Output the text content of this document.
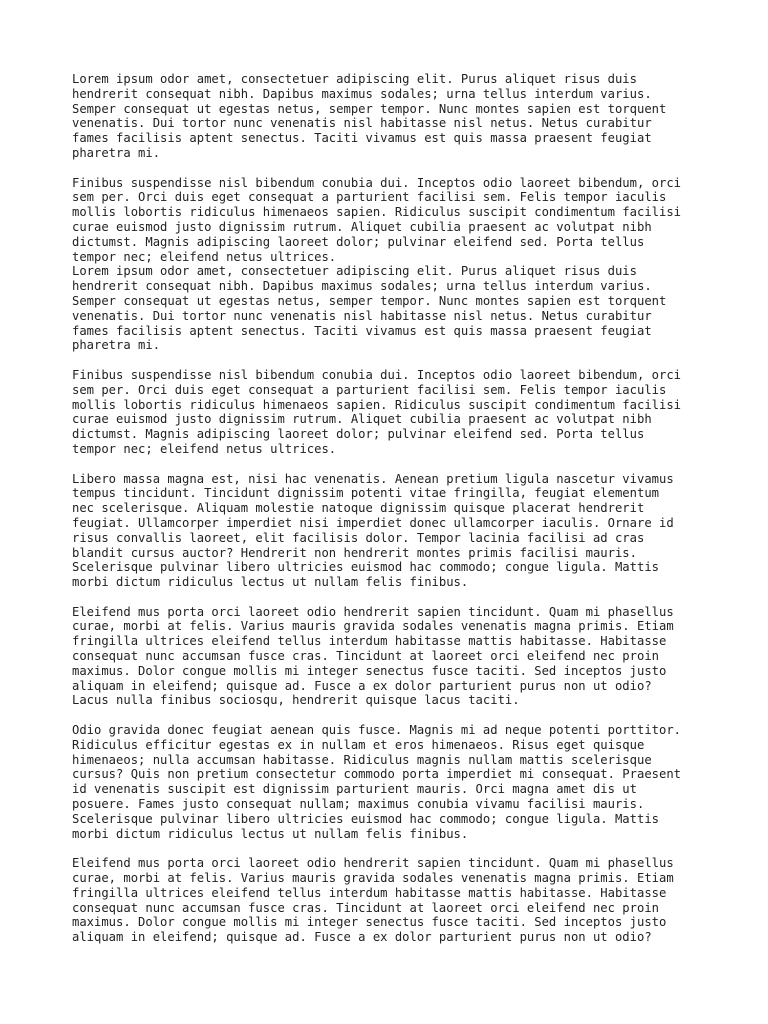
Lorem ipsum odor amet, consectetuer adipiscing elit. Purus aliquet risus duis
hendrerit consequat nibh. Dapibus maximus sodales; urna tellus interdum varius.
Semper consequat ut egestas netus, semper tempor. Nunc montes sapien est torquent
venenatis. Dui tortor nunc venenatis nisl habitasse nisl netus. Netus curabitur
fames facilisis aptent senectus. Taciti vivamus est quis massa praesent feugiat
pharetra mi.

Finibus suspendisse nisl bibendum conubia dui. Inceptos odio laoreet bibendum, orci
sem per. Orci duis eget consequat a parturient facilisi sem. Felis tempor iaculis
mollis lobortis ridiculus himenaeos sapien. Ridiculus suscipit condimentum facilisi
curae euismod justo dignissim rutrum. Aliquet cubilia praesent ac volutpat nibh
dictumst. Magnis adipiscing laoreet dolor; pulvinar eleifend sed. Porta tellus
tempor nec; eleifend netus ultrices.

Lorem ipsum odor amet, consectetuer adipiscing elit. Purus aliquet risus duis
hendrerit consequat nibh. Dapibus maximus sodales; urna tellus interdum varius.
Semper consequat ut egestas netus, semper tempor. Nunc montes sapien est torquent
venenatis. Dui tortor nunc venenatis nisl habitasse nisl netus. Netus curabitur
fames facilisis aptent senectus. Taciti vivamus est quis massa praesent feugiat
pharetra mi.

Finibus suspendisse nisl bibendum conubia dui. Inceptos odio laoreet bibendum, orci
sem per. Orci duis eget consequat a parturient facilisi sem. Felis tempor iaculis
mollis lobortis ridiculus himenaeos sapien. Ridiculus suscipit condimentum facilisi
curae euismod justo dignissim rutrum. Aliquet cubilia praesent ac volutpat nibh
dictumst. Magnis adipiscing laoreet dolor; pulvinar eleifend sed. Porta tellus
tempor nec; eleifend netus ultrices.

Libero massa magna est, nisi hac venenatis. Aenean pretium ligula nascetur vivamus
tempus tincidunt. Tincidunt dignissim potenti vitae fringilla, feugiat elementum
nec scelerisque. Aliquam molestie natoque dignissim quisque placerat hendrerit
feugiat. Ullamcorper imperdiet nisi imperdiet donec ullamcorper iaculis. Ornare id
risus convallis laoreet, elit facilisis dolor. Tempor lacinia facilisi ad cras
blandit cursus auctor? Hendrerit non hendrerit montes primis facilisi mauris.
Scelerisque pulvinar libero ultricies euismod hac commodo; congue ligula. Mattis
morbi dictum ridiculus lectus ut nullam felis finibus.

Eleifend mus porta orci laoreet odio hendrerit sapien tincidunt. Quam mi phasellus
curae, morbi at felis. Varius mauris gravida sodales venenatis magna primis. Etiam
fringilla ultrices eleifend tellus interdum habitasse mattis habitasse. Habitasse
consequat nunc accumsan fusce cras. Tincidunt at laoreet orci eleifend nec proin
maximus. Dolor congue mollis mi integer senectus fusce taciti. Sed inceptos justo
aliquam in eleifend; quisque ad. Fusce a ex dolor parturient purus non ut odio?
Lacus nulla finibus sociosqu, hendrerit quisque lacus taciti.

Odio gravida donec feugiat aenean quis fusce. Magnis mi ad neque potenti porttitor.
Ridiculus efficitur egestas ex in nullam et eros himenaeos. Risus eget quisque
himenaeos; nulla accumsan habitasse. Ridiculus magnis nullam mattis scelerisque
cursus? Quis non pretium consectetur commodo porta imperdiet mi consequat. Praesent
id venenatis suscipit est dignissim parturient mauris. Orci magna amet dis ut
posuere. Fames justo consequat nullam; maximus conubia vivamu facilisi mauris.
Scelerisque pulvinar libero ultricies euismod hac commodo; congue ligula. Mattis
morbi dictum ridiculus lectus ut nullam felis finibus.

Eleifend mus porta orci laoreet odio hendrerit sapien tincidunt. Quam mi phasellus
curae, morbi at felis. Varius mauris gravida sodales venenatis magna primis. Etiam
fringilla ultrices eleifend tellus interdum habitasse mattis habitasse. Habitasse
consequat nunc accumsan fusce cras. Tincidunt at laoreet orci eleifend nec proin
maximus. Dolor congue mollis mi integer senectus fusce taciti. Sed inceptos justo
aliquam in eleifend; quisque ad. Fusce a ex dolor parturient purus non ut odio?
